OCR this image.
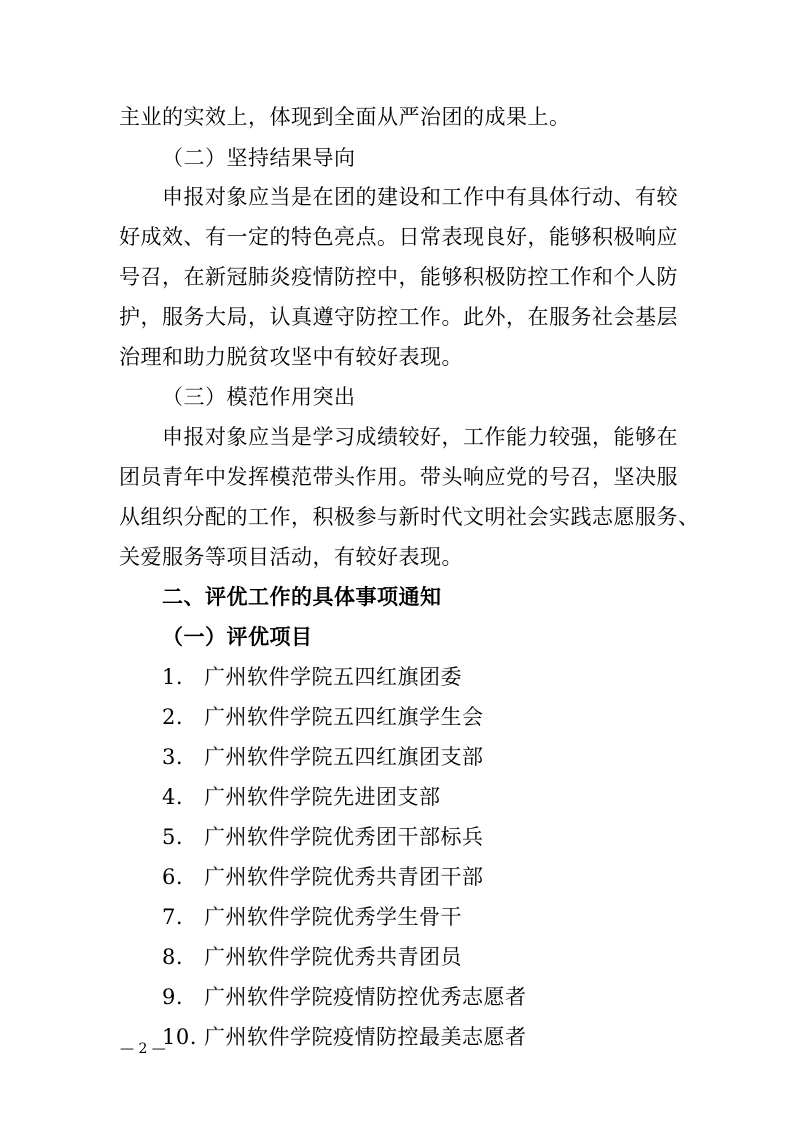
主业的实效上，体现到全面从严治团的成果上。
（二）坚持结果导向
申报对象应当是在团的建设和工作中有具体行动、有较
好成效、有一定的特色亮点。日常表现良好，能够积极响应
号召，在新冠肺炎疫情防控中，能够积极防控工作和个人防
护，服务大局，认真遵守防控工作。此外，在服务社会基层
治理和助力脱贫攻坚中有较好表现。
（三）模范作用突出
申报对象应当是学习成绩较好，工作能力较强，能够在
团员青年中发挥模范带头作用。带头响应党的号召，坚决服
从组织分配的工作，积极参与新时代文明社会实践志愿服务、
关爱服务等项目活动，有较好表现。
二、评优工作的具体事项通知
（一）评优项目
1. 广州软件学院五四红旗团委
2. 广州软件学院五四红旗学生会
3. 广州软件学院五四红旗团支部
4. 广州软件学院先进团支部
5. 广州软件学院优秀团干部标兵
6. 广州软件学院优秀共青团干部
7. 广州软件学院优秀学生骨干
8. 广州软件学院优秀共青团员
9. 广州软件学院疫情防控优秀志愿者
10. 广州软件学院疫情防控最美志愿者
— 2 —
